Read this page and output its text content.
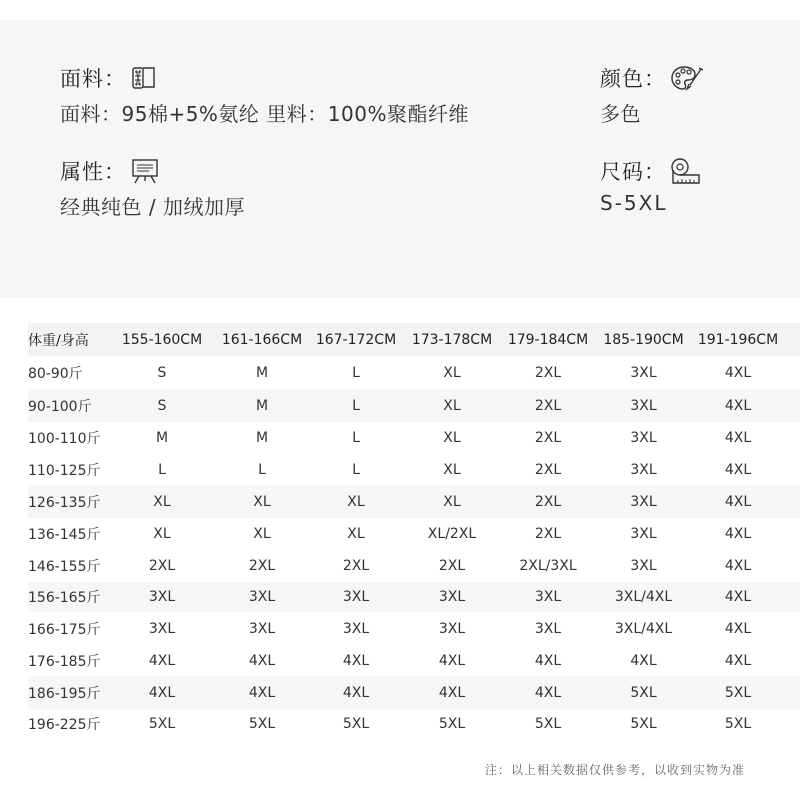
面料：
面料：95棉+5%氨纶 里料：100%聚酯纤维
颜色：
多色
属性：
经典纯色 / 加绒加厚
尺码：
S-5XL
体重/身高	155-160CM	161-166CM 167-172CM	173-178CM	179-184CM	185-190CM	191-196CM
80-90斤	S	M	L	XL	2XL	3XL	4XL
90-100斤	S	M	L	XL	2XL	3XL	4XL
100-110斤	M	M	L	XL	2XL	3XL	4XL
110-125斤	L	L	L	XL	2XL	3XL	4XL
126-135斤	XL	XL	XL	XL	2XL	3XL	4XL
136-145斤	XL	XL	XL	XL/2XL	2XL	3XL	4XL
146-155斤	2XL	2XL	2XL	2XL	2XL/3XL	3XL	4XL
156-165斤	3XL	3XL	3XL	3XL	3XL	3XL/4XL	4XL
166-175斤	3XL	3XL	3XL	3XL	3XL	3XL/4XL	4XL
176-185斤	4XL	4XL	4XL	4XL	4XL	4XL	4XL
186-195斤	4XL	4XL	4XL	4XL	4XL	5XL	5XL
196-225斤	5XL	5XL	5XL	5XL	5XL	5XL	5XL
注：以上相关数据仅供参考，以收到实物为准
